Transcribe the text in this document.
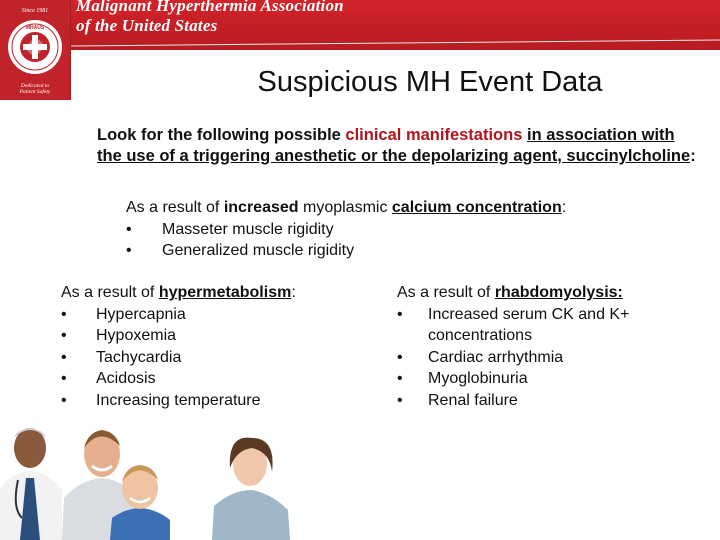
Malignant Hyperthermia Association
of the United States
Since 1981
MHAUS
Dedicated to
Patient Safety	Suspicious MH Event Data
Look for the following possible clinical manifestations in association with the use of a triggering anesthetic or the depolarizing agent, succinylcholine:
As a result of increased myoplasmic calcium concentration:
•	Masseter muscle rigidity
•	Generalized muscle rigidity
As a result of hypermetabolism:
•	Hypercapnia
•	Hypoxemia
•	Tachycardia
•	Acidosis
•	Increasing temperature
As a result of rhabdomyolysis:
•	Increased serum CK and K+ concentrations
•	Cardiac arrhythmia
•	Myoglobinuria
•	Renal failure
